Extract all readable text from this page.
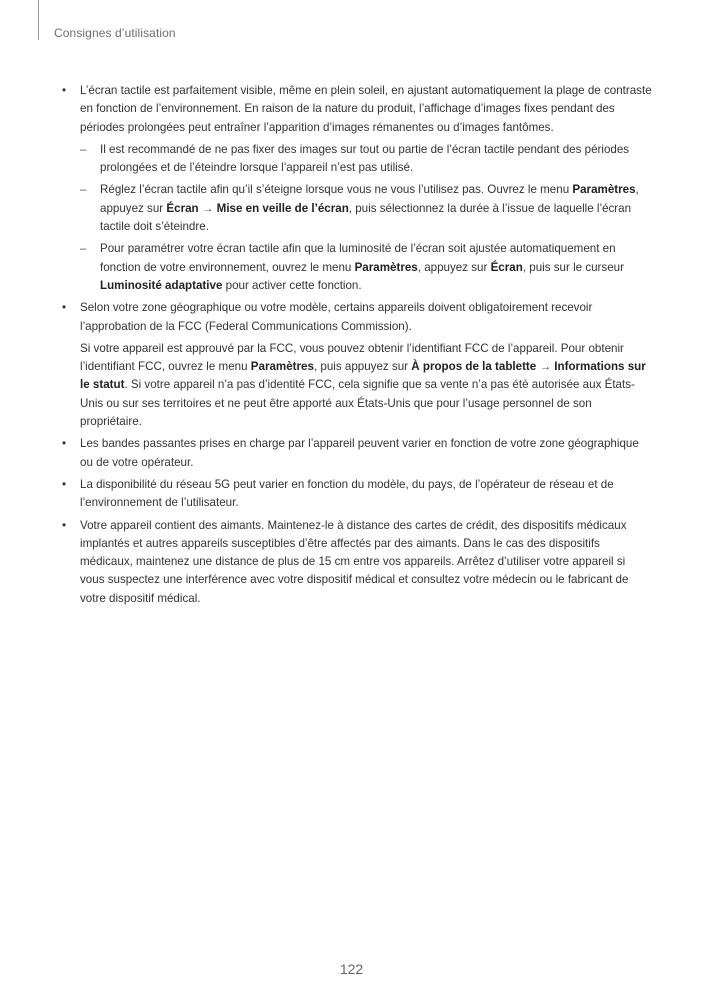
Consignes d’utilisation
• L’écran tactile est parfaitement visible, même en plein soleil, en ajustant automatiquement la plage de contraste en fonction de l’environnement. En raison de la nature du produit, l’affichage d’images fixes pendant des périodes prolongées peut entraîner l’apparition d’images rémanentes ou d’images fantômes.

– Il est recommandé de ne pas fixer des images sur tout ou partie de l’écran tactile pendant des périodes prolongées et de l’éteindre lorsque l’appareil n’est pas utilisé.
– Réglez l’écran tactile afin qu’il s’éteigne lorsque vous ne vous l’utilisez pas. Ouvrez le menu Paramètres, appuyez sur Écran → Mise en veille de l’écran, puis sélectionnez la durée à l’issue de laquelle l’écran tactile doit s’éteindre.
– Pour paramétrer votre écran tactile afin que la luminosité de l’écran soit ajustée automatiquement en fonction de votre environnement, ouvrez le menu Paramètres, appuyez sur Écran, puis sur le curseur Luminosité adaptative pour activer cette fonction.
• Selon votre zone géographique ou votre modèle, certains appareils doivent obligatoirement recevoir l’approbation de la FCC (Federal Communications Commission).

Si votre appareil est approuvé par la FCC, vous pouvez obtenir l’identifiant FCC de l’appareil. Pour obtenir l’identifiant FCC, ouvrez le menu Paramètres, puis appuyez sur À propos de la tablette → Informations sur le statut. Si votre appareil n’a pas d’identité FCC, cela signifie que sa vente n’a pas été autorisée aux États-Unis ou sur ses territoires et ne peut être apporté aux États-Unis que pour l’usage personnel de son propriétaire.

• Les bandes passantes prises en charge par l’appareil peuvent varier en fonction de votre zone géographique ou de votre opérateur.

• La disponibilité du réseau 5G peut varier en fonction du modèle, du pays, de l’opérateur de réseau et de l’environnement de l’utilisateur.

• Votre appareil contient des aimants. Maintenez-le à distance des cartes de crédit, des dispositifs médicaux implantés et autres appareils susceptibles d’être affectés par des aimants. Dans le cas des dispositifs médicaux, maintenez une distance de plus de 15 cm entre vos appareils. Arrêtez d’utiliser votre appareil si vous suspectez une interférence avec votre dispositif médical et consultez votre médecin ou le fabricant de votre dispositif médical.

122
